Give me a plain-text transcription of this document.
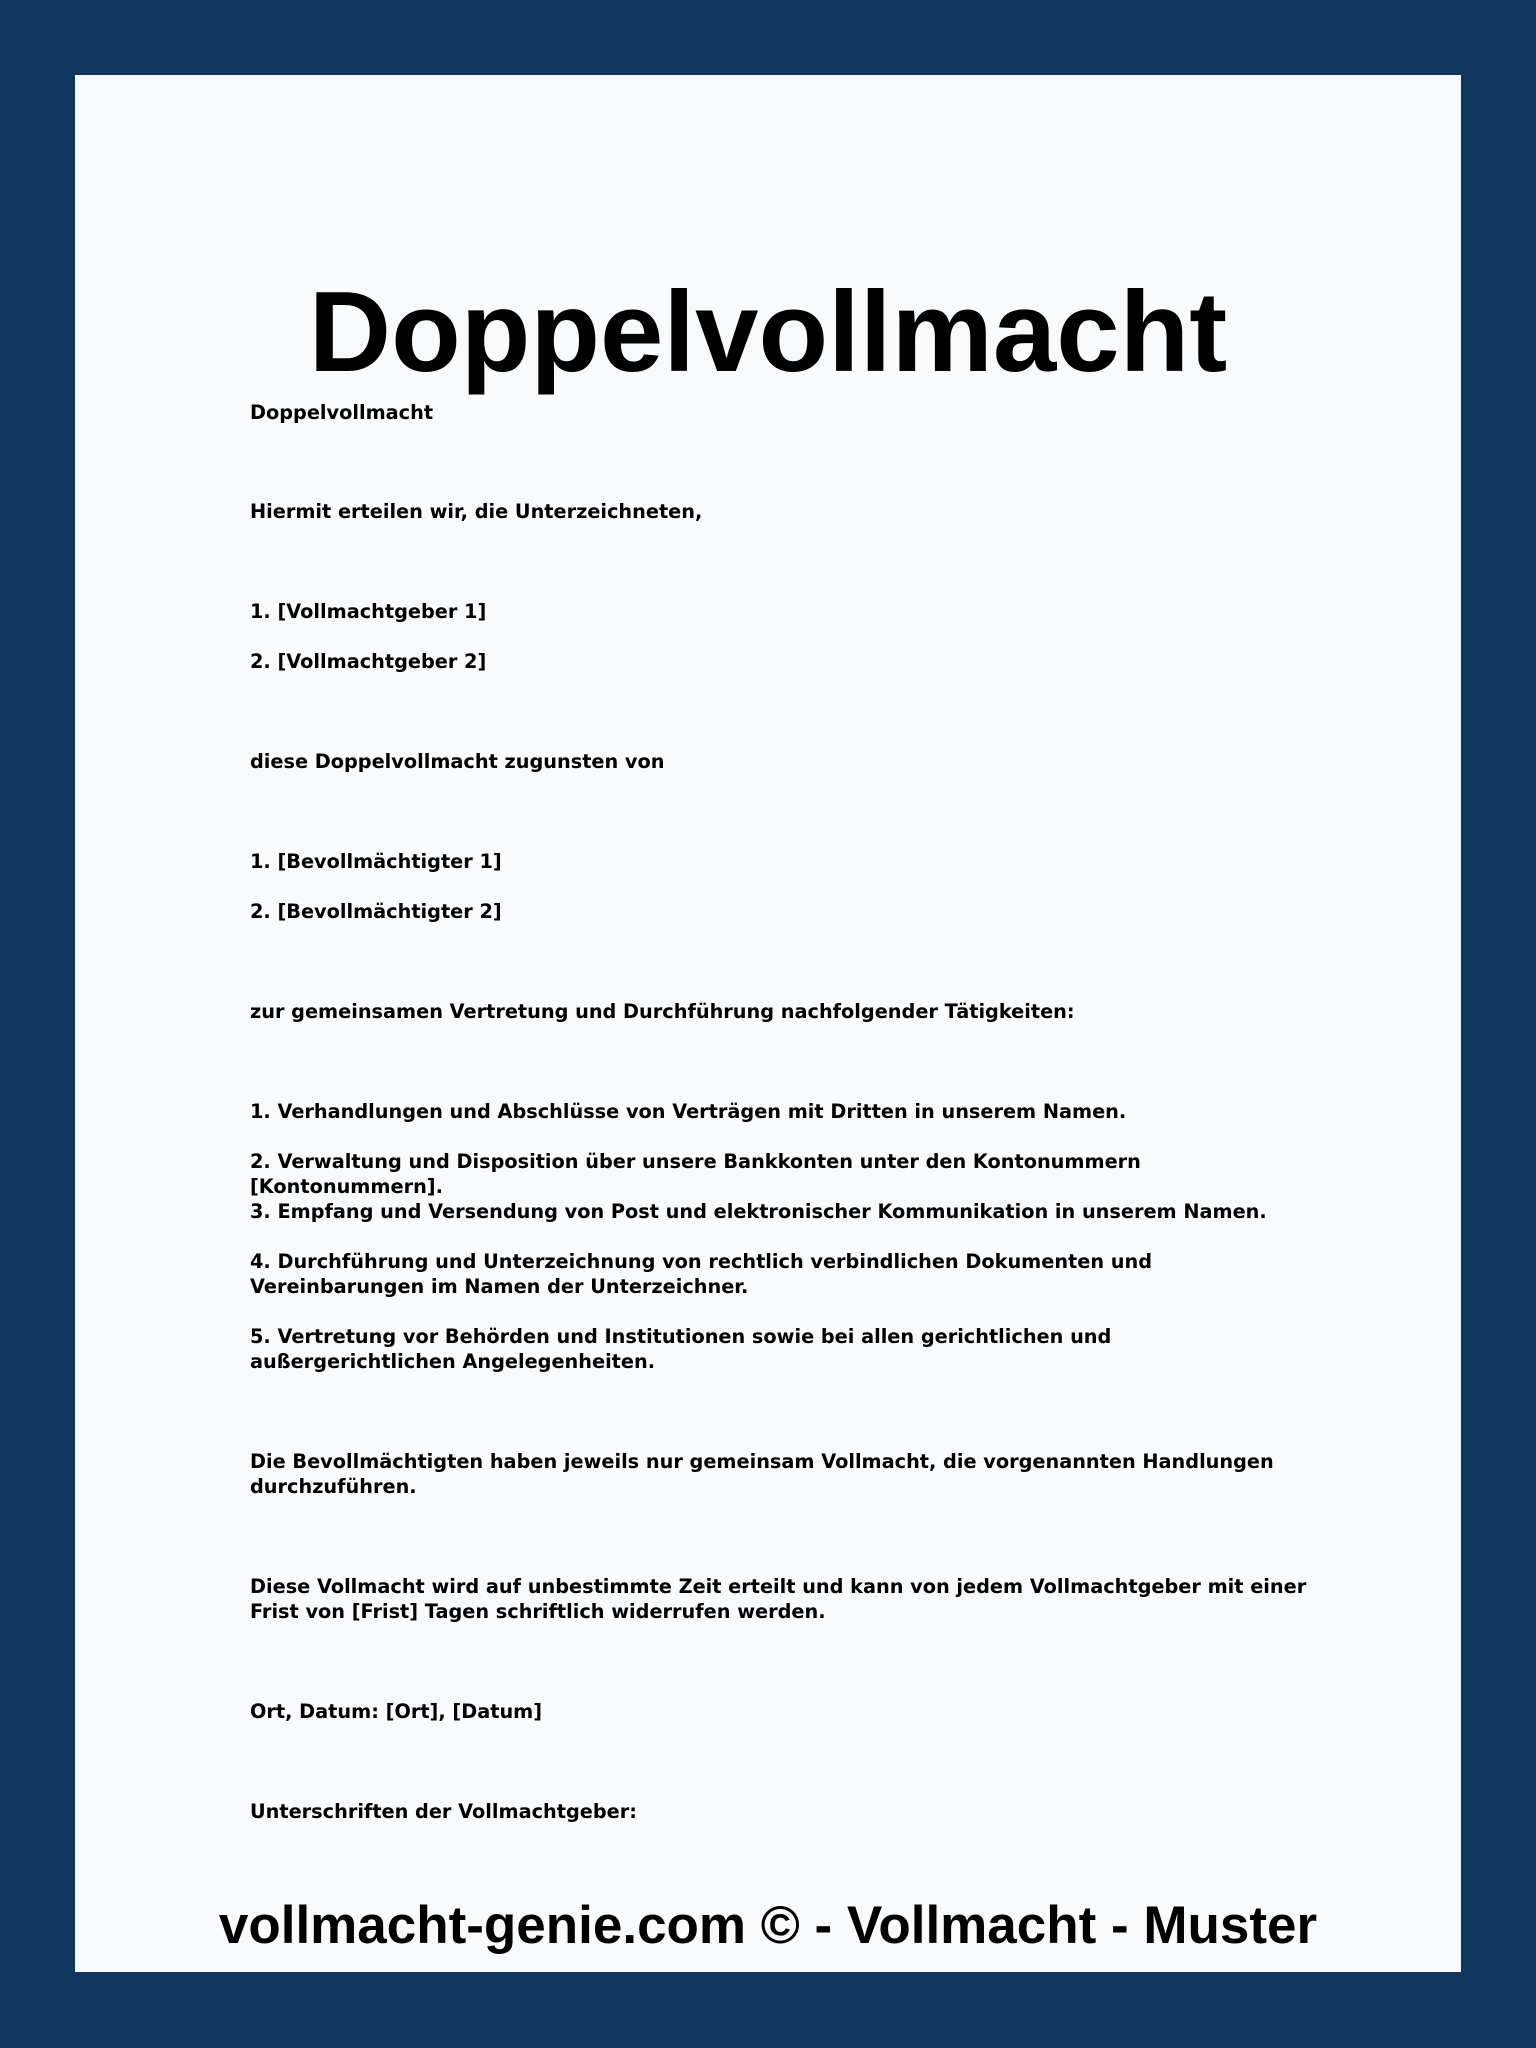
Doppelvollmacht

Doppelvollmacht

Hiermit erteilen wir, die Unterzeichneten,

1. [Vollmachtgeber 1]

2. [Vollmachtgeber 2]

diese Doppelvollmacht zugunsten von

1. [Bevollmächtigter 1]

2. [Bevollmächtigter 2]

zur gemeinsamen Vertretung und Durchführung nachfolgender Tätigkeiten:

1. Verhandlungen und Abschlüsse von Verträgen mit Dritten in unserem Namen.

2. Verwaltung und Disposition über unsere Bankkonten unter den Kontonummern [Kontonummern].

3. Empfang und Versendung von Post und elektronischer Kommunikation in unserem Namen.

4. Durchführung und Unterzeichnung von rechtlich verbindlichen Dokumenten und Vereinbarungen im Namen der Unterzeichner.

5. Vertretung vor Behörden und Institutionen sowie bei allen gerichtlichen und außergerichtlichen Angelegenheiten.

Die Bevollmächtigten haben jeweils nur gemeinsam Vollmacht, die vorgenannten Handlungen durchzuführen.

Diese Vollmacht wird auf unbestimmte Zeit erteilt und kann von jedem Vollmachtgeber mit einer Frist von [Frist] Tagen schriftlich widerrufen werden.

Ort, Datum: [Ort], [Datum]

Unterschriften der Vollmachtgeber:

vollmacht-genie.com © - Vollmacht - Muster
